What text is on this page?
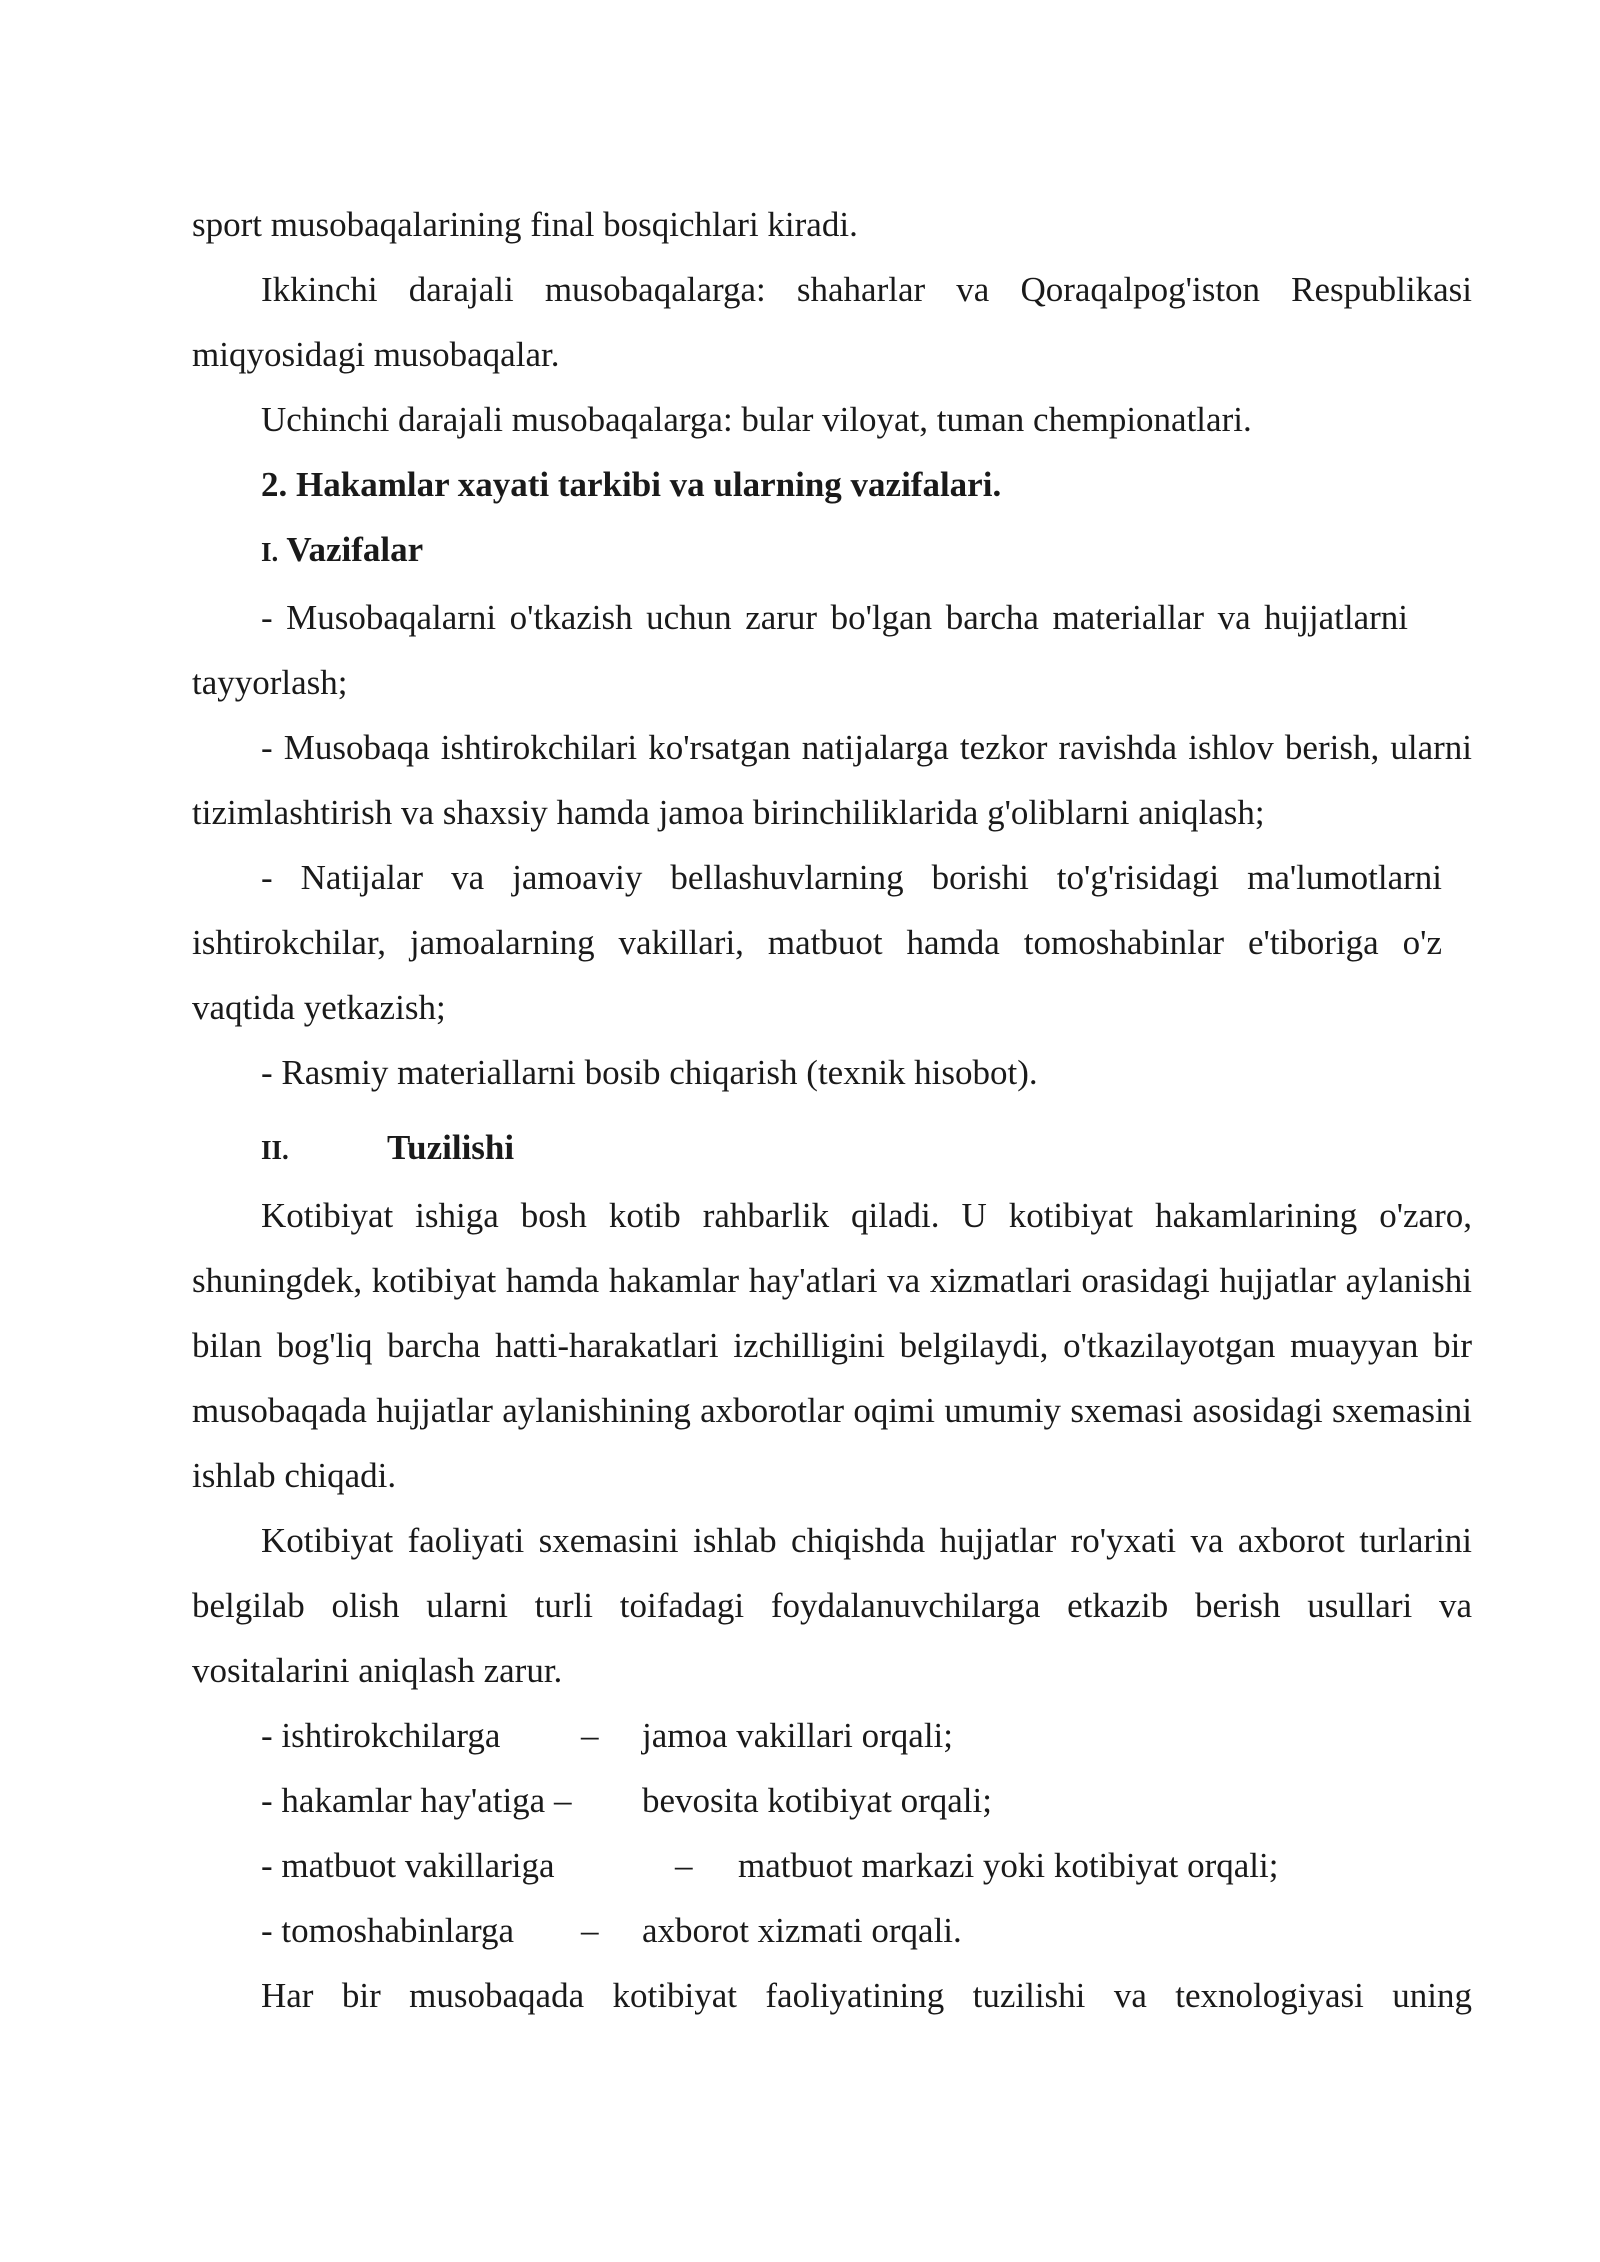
sport musobaqalarining final bosqichlari kiradi.

Ikkinchi darajali musobaqalarga: shaharlar va Qoraqalpog'iston Respublikasi miqyosidagi musobaqalar.

Uchinchi darajali musobaqalarga: bular viloyat, tuman chempionatlari.

2. Hakamlar xayati tarkibi va ularning vazifalari.

I. Vazifalar

- Musobaqalarni o'tkazish uchun zarur bo'lgan barcha materiallar va hujjatlarni tayyorlash;

- Musobaqa ishtirokchilari ko'rsatgan natijalarga tezkor ravishda ishlov berish, ularni tizimlashtirish va shaxsiy hamda jamoa birinchiliklarida g'oliblarni aniqlash;

- Natijalar va jamoaviy bellashuvlarning borishi to'g'risidagi ma'lumotlarni ishtirokchilar, jamoalarning vakillari, matbuot hamda tomoshabinlar e'tiboriga o'z vaqtida yetkazish;

- Rasmiy materiallarni bosib chiqarish (texnik hisobot).

II.	Tuzilishi

Kotibiyat ishiga bosh kotib rahbarlik qiladi. U kotibiyat hakamlarining o'zaro, shuningdek, kotibiyat hamda hakamlar hay'atlari va xizmatlari orasidagi hujjatlar aylanishi bilan bog'liq barcha hatti-harakatlari izchilligini belgilaydi, o'tkazilayotgan muayyan bir musobaqada hujjatlar aylanishining axborotlar oqimi umumiy sxemasi asosidagi sxemasini ishlab chiqadi.

Kotibiyat faoliyati sxemasini ishlab chiqishda hujjatlar ro'yxati va axborot turlarini belgilab olish ularni turli toifadagi foydalanuvchilarga etkazib berish usullari va vositalarini aniqlash zarur.

- ishtirokchilarga – jamoa vakillari orqali;
- hakamlar hay'atiga – bevosita kotibiyat orqali;
- matbuot vakillariga	– matbuot markazi yoki kotibiyat orqali;
- tomoshabinlarga – axborot xizmati orqali.

Har bir musobaqada kotibiyat faoliyatining tuzilishi va texnologiyasi uning
